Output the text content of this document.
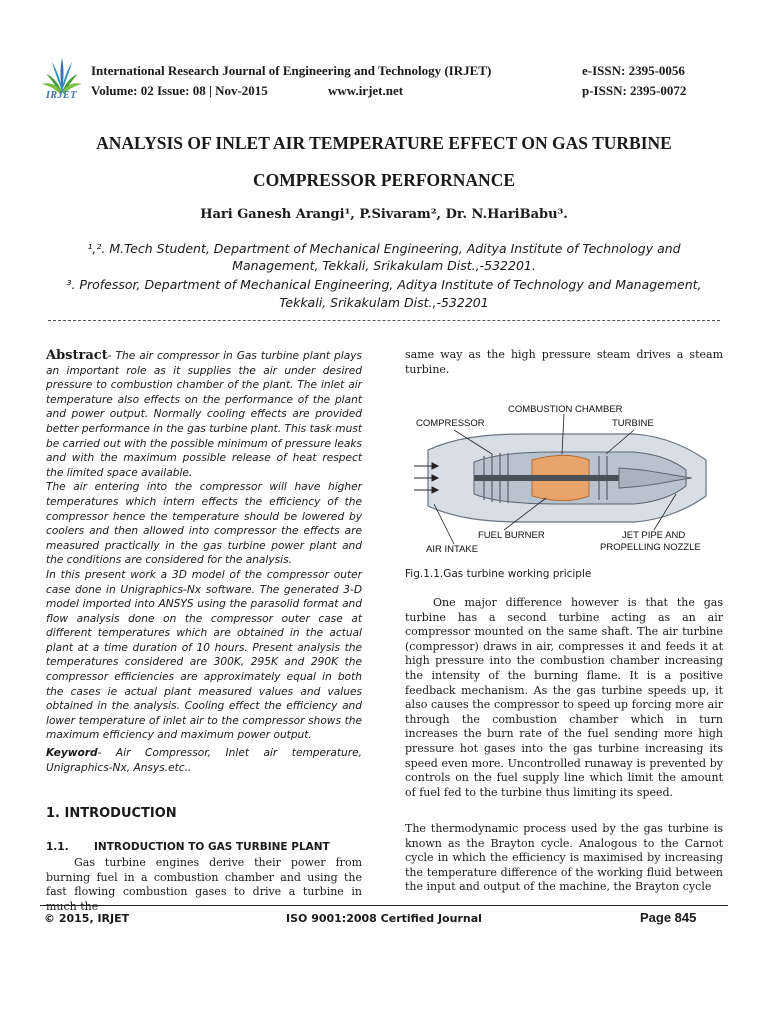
IRJET
International Research Journal of Engineering and Technology (IRJET)
Volume: 02 Issue: 08 | Nov-2015	www.irjet.net
e-ISSN: 2395-0056
p-ISSN: 2395-0072
ANALYSIS OF INLET AIR TEMPERATURE EFFECT ON GAS TURBINE
COMPRESSOR PERFORNANCE
Hari Ganesh Arangi¹, P.Sivaram², Dr. N.HariBabu³.
¹,². M.Tech Student, Department of Mechanical Engineering, Aditya Institute of Technology and
Management, Tekkali, Srikakulam Dist.,-532201.
³. Professor, Department of Mechanical Engineering, Aditya Institute of Technology and Management,
Tekkali, Srikakulam Dist.,-532201

Abstract- The air compressor in Gas turbine plant plays an important role as it supplies the air under desired pressure to combustion chamber of the plant. The inlet air temperature also effects on the performance of the plant and power output. Normally cooling effects are provided better performance in the gas turbine plant. This task must be carried out with the possible minimum of pressure leaks and with the maximum possible release of heat respect the limited space available.

The air entering into the compressor will have higher temperatures which intern effects the efficiency of the compressor hence the temperature should be lowered by coolers and then allowed into compressor the effects are measured practically in the gas turbine power plant and the conditions are considered for the analysis.

In this present work a 3D model of the compressor outer case done in Unigraphics-Nx software. The generated 3-D model imported into ANSYS using the parasolid format and flow analysis done on the compressor outer case at different temperatures which are obtained in the actual plant at a time duration of 10 hours. Present analysis the temperatures considered are 300K, 295K and 290K the compressor efficiencies are approximately equal in both the cases ie actual plant measured values and values obtained in the analysis. Cooling effect the efficiency and lower temperature of inlet air to the compressor shows the maximum efficiency and maximum power output.

Keyword- Air Compressor, Inlet air temperature, Unigraphics-Nx, Ansys.etc..

1. INTRODUCTION
1.1. INTRODUCTION TO GAS TURBINE PLANT

Gas turbine engines derive their power from burning fuel in a combustion chamber and using the fast flowing combustion gases to drive a turbine in much the

same way as the high pressure steam drives a steam turbine.

COMBUSTION CHAMBER
COMPRESSOR	TURBINE
FUEL BURNER
AIR INTAKE
JET PIPE AND
PROPELLING NOZZLE
Fig.1.1.Gas turbine working priciple

One major difference however is that the gas turbine has a second turbine acting as an air compressor mounted on the same shaft. The air turbine (compressor) draws in air, compresses it and feeds it at high pressure into the combustion chamber increasing the intensity of the burning flame. It is a positive feedback mechanism. As the gas turbine speeds up, it also causes the compressor to speed up forcing more air through the combustion chamber which in turn increases the burn rate of the fuel sending more high pressure hot gases into the gas turbine increasing its speed even more. Uncontrolled runaway is prevented by controls on the fuel supply line which limit the amount of fuel fed to the turbine thus limiting its speed.

The thermodynamic process used by the gas turbine is known as the Brayton cycle. Analogous to the Carnot cycle in which the efficiency is maximised by increasing the temperature difference of the working fluid between the input and output of the machine, the Brayton cycle

© 2015, IRJET	ISO 9001:2008 Certified Journal	Page 845
